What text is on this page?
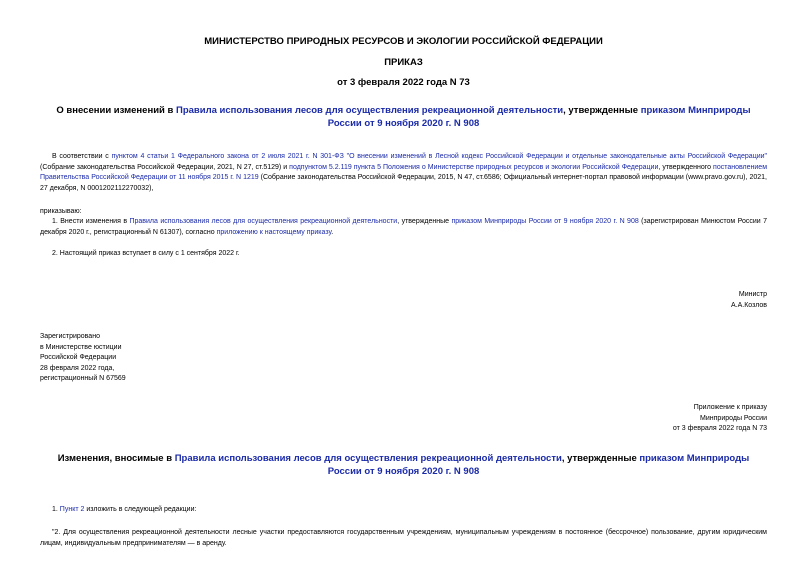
МИНИСТЕРСТВО ПРИРОДНЫХ РЕСУРСОВ И ЭКОЛОГИИ РОССИЙСКОЙ ФЕДЕРАЦИИ
ПРИКАЗ
от 3 февраля 2022 года N 73
О внесении изменений в Правила использования лесов для осуществления рекреационной деятельности, утвержденные приказом Минприроды России от 9 ноября 2020 г. N 908
В соответствии с пунктом 4 статьи 1 Федерального закона от 2 июля 2021 г. N 301-ФЗ "О внесении изменений в Лесной кодекс Российской Федерации и отдельные законодательные акты Российской Федерации" (Собрание законодательства Российской Федерации, 2021, N 27, ст.5129) и подпунктом 5.2.119 пункта 5 Положения о Министерстве природных ресурсов и экологии Российской Федерации, утвержденного постановлением Правительства Российской Федерации от 11 ноября 2015 г. N 1219 (Собрание законодательства Российской Федерации, 2015, N 47, ст.6586; Официальный интернет-портал правовой информации (www.pravo.gov.ru), 2021, 27 декабря, N 0001202112270032),
приказываю:
1. Внести изменения в Правила использования лесов для осуществления рекреационной деятельности, утвержденные приказом Минприроды России от 9 ноября 2020 г. N 908 (зарегистрирован Минюстом России 7 декабря 2020 г., регистрационный N 61307), согласно приложению к настоящему приказу.
2. Настоящий приказ вступает в силу с 1 сентября 2022 г.
Министр
А.А.Козлов
Зарегистрировано
в Министерстве юстиции
Российской Федерации
28 февраля 2022 года,
регистрационный N 67569
Приложение к приказу
Минприроды России
от 3 февраля 2022 года N 73
Изменения, вносимые в Правила использования лесов для осуществления рекреационной деятельности, утвержденные приказом Минприроды России от 9 ноября 2020 г. N 908
1. Пункт 2 изложить в следующей редакции:
"2. Для осуществления рекреационной деятельности лесные участки предоставляются государственным учреждениям, муниципальным учреждениям в постоянное (бессрочное) пользование, другим юридическим лицам, индивидуальным предпринимателям — в аренду.
